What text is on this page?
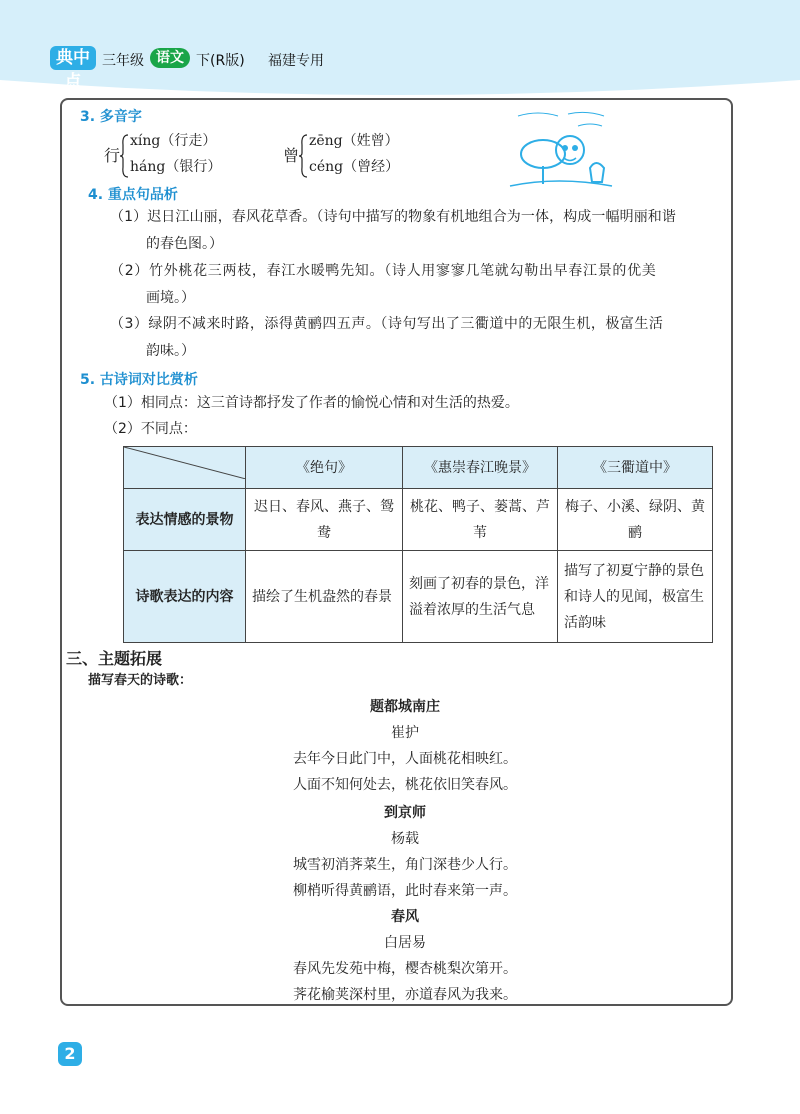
典中点
三年级 语文 下(R版) 福建专用
3. 多音字
行
xíng（行走）
háng（银行）
曾
zēng（姓曾）
céng（曾经）
4. 重点句品析
（1）迟日江山丽，春风花草香。（诗句中描写的物象有机地组合为一体，构成一幅明丽和谐
的春色图。）
（2）竹外桃花三两枝，春江水暖鸭先知。（诗人用寥寥几笔就勾勒出早春江景的优美
画境。）
（3）绿阴不减来时路，添得黄鹂四五声。（诗句写出了三衢道中的无限生机，极富生活
韵味。）
5. 古诗词对比赏析
（1）相同点：这三首诗都抒发了作者的愉悦心情和对生活的热爱。
（2）不同点：
	《绝句》	《惠崇春江晚景》	《三衢道中》
表达情感的景物	迟日、春风、燕子、鸳鸯	桃花、鸭子、蒌蒿、芦苇	梅子、小溪、绿阴、黄鹂
诗歌表达的内容	描绘了生机盎然的春景	刻画了初春的景色，洋溢着浓厚的生活气息	描写了初夏宁静的景色和诗人的见闻，极富生活韵味
三、主题拓展
描写春天的诗歌：
题都城南庄
崔护
去年今日此门中，人面桃花相映红。
人面不知何处去，桃花依旧笑春风。
到京师
杨载
城雪初消荠菜生，角门深巷少人行。
柳梢听得黄鹂语，此时春来第一声。
春风
白居易
春风先发苑中梅，樱杏桃梨次第开。
荠花榆荚深村里，亦道春风为我来。
2
